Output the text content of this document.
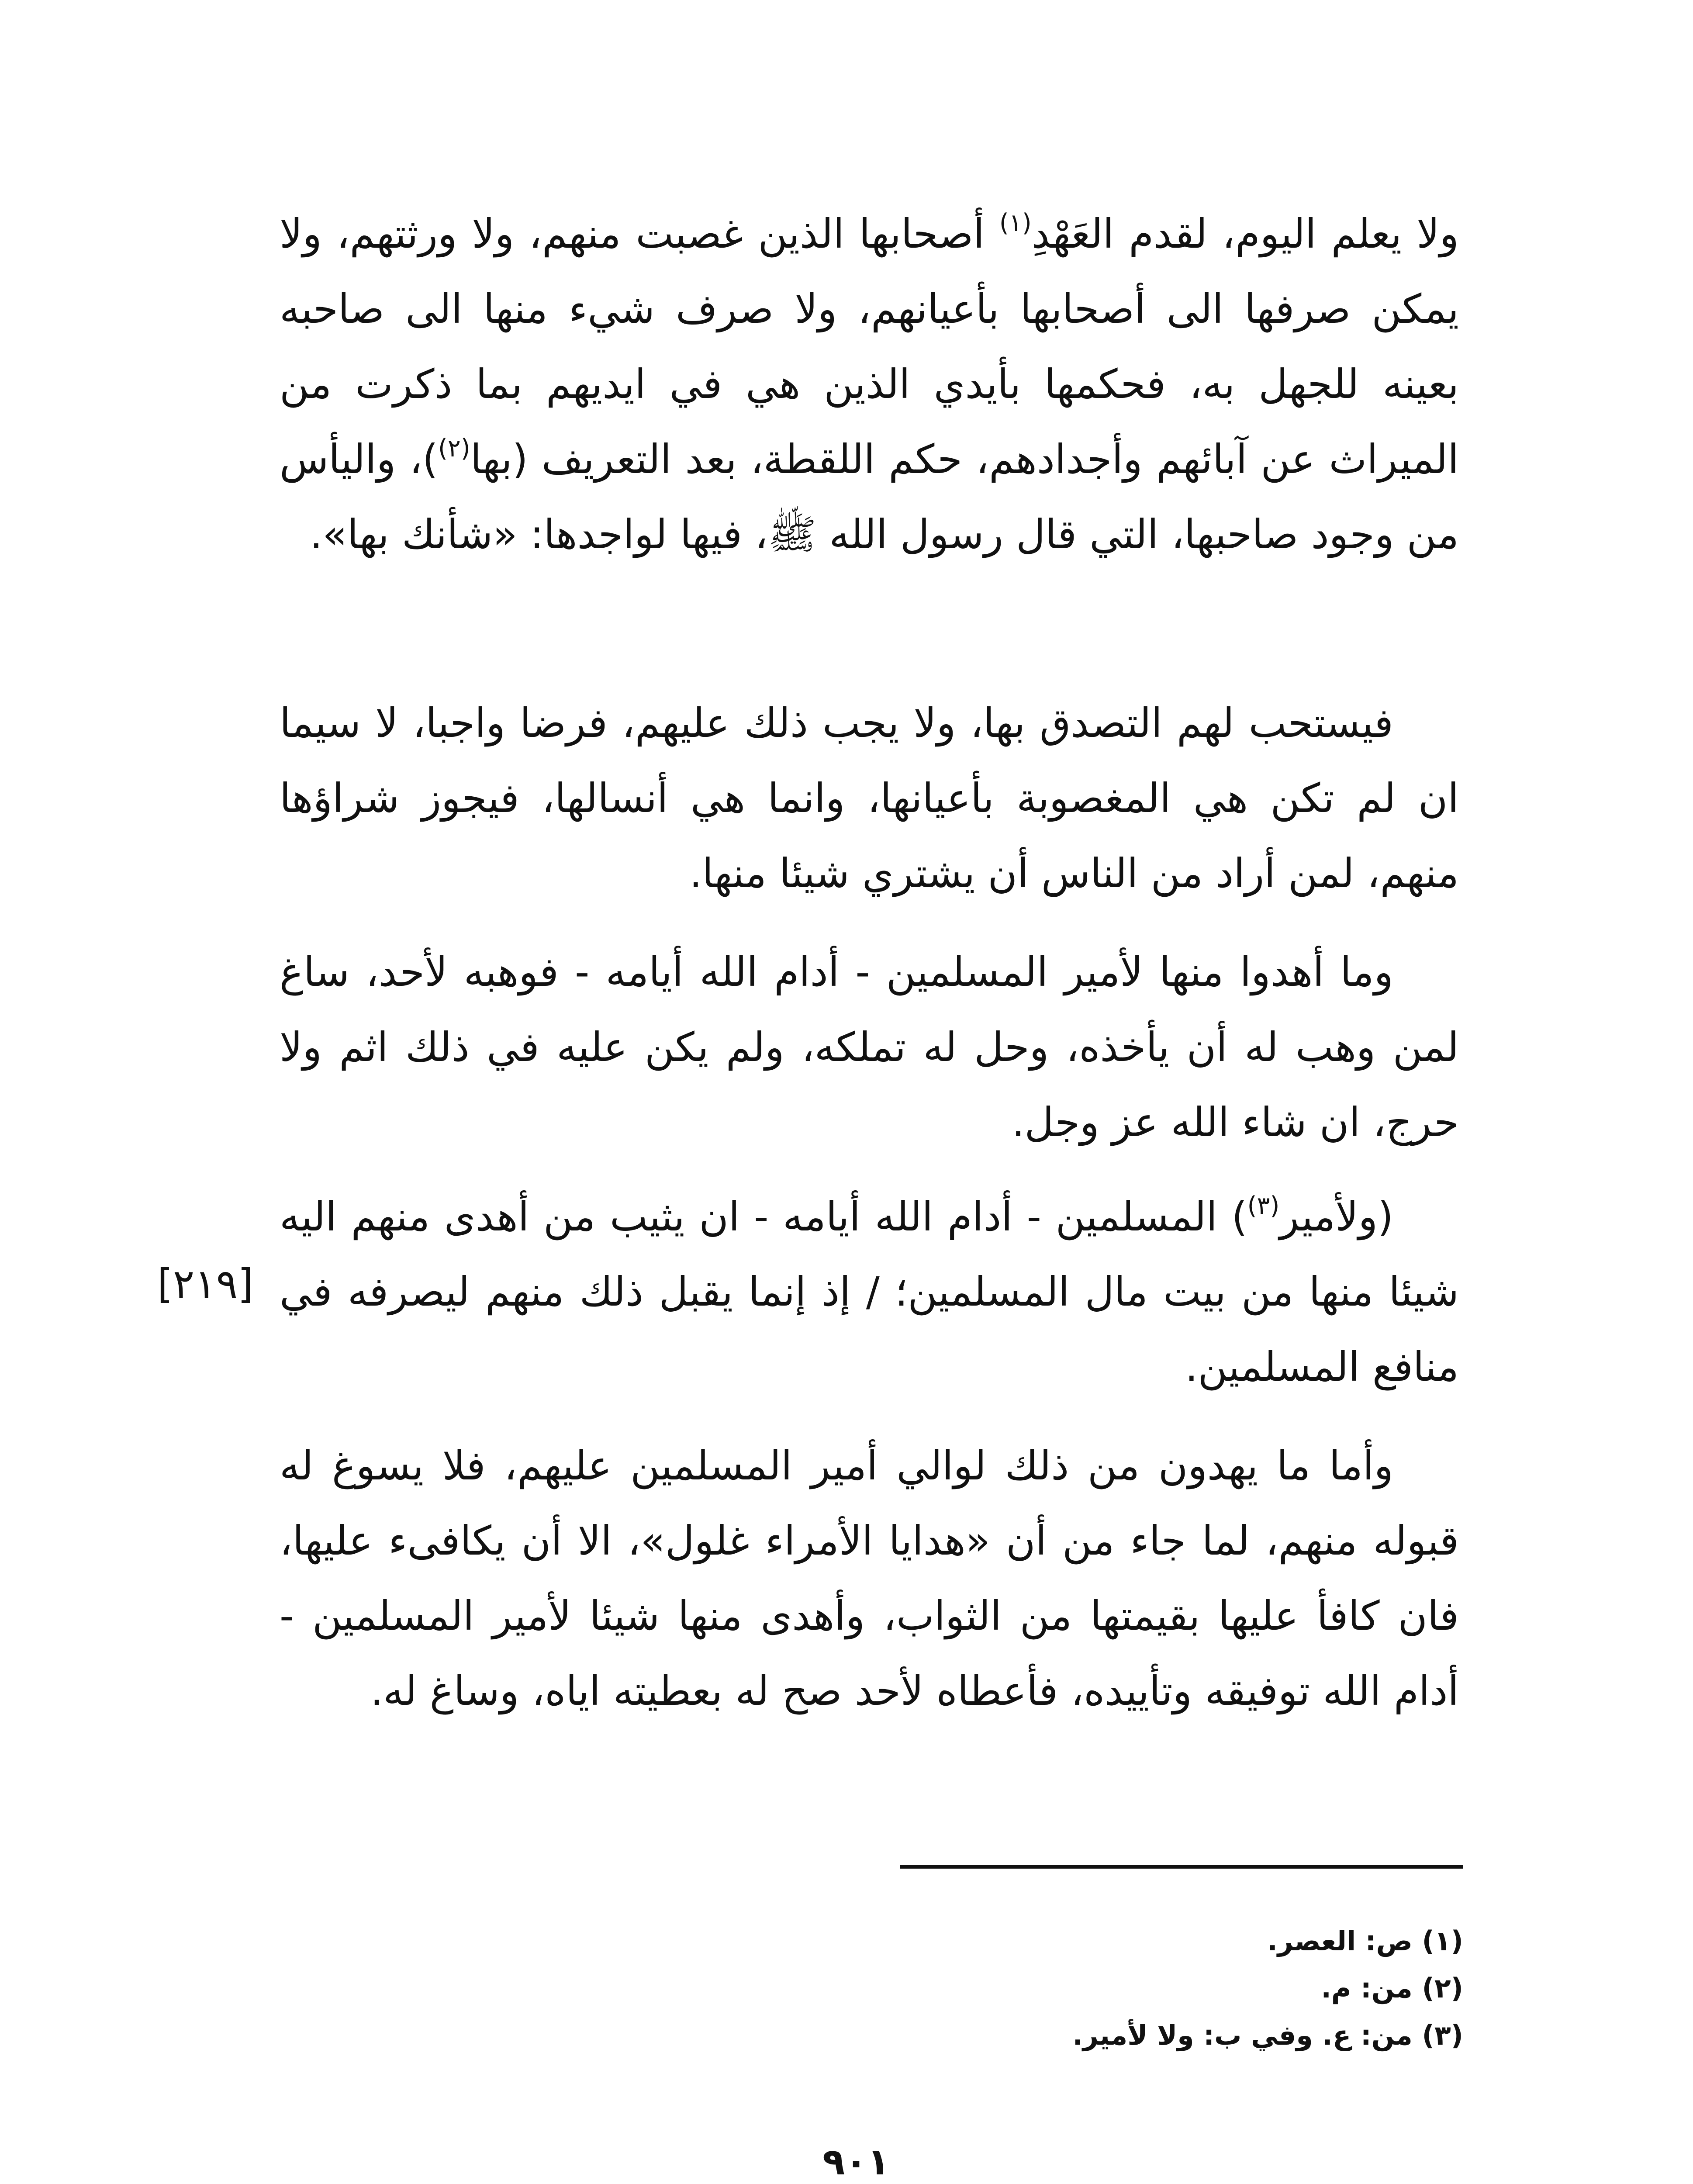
ولا يعلم اليوم، لقدم العَهْدِ$^{(١)}$ أصحابها الذين غصبت منهم، ولا ورثتهم، ولا يمكن صرفها الى أصحابها بأعيانهم، ولا صرف شيء منها الى صاحبه بعينه للجهل به، فحكمها بأيدي الذين هي في ايديهم بما ذكرت من الميراث عن آبائهم وأجدادهم، حكم اللقطة، بعد التعريف (بها$^{(٢)}$)، واليأس من وجود صاحبها، التي قال رسول الله ﷺ، فيها لواجدها: «شأنك بها».

فيستحب لهم التصدق بها، ولا يجب ذلك عليهم، فرضا واجبا، لا سيما ان لم تكن هي المغصوبة بأعيانها، وانما هي أنسالها، فيجوز شراؤها منهم، لمن أراد من الناس أن يشتري شيئا منها.

وما أهدوا منها لأمير المسلمين - أدام الله أيامه - فوهبه لأحد، ساغ لمن وهب له أن يأخذه، وحل له تملكه، ولم يكن عليه في ذلك اثم ولا حرج، ان شاء الله عز وجل.

(ولأمير$^{(٣)}$) المسلمين - أدام الله أيامه - ان يثيب من أهدى منهم اليه شيئا منها من بيت مال المسلمين؛ / إذ إنما يقبل ذلك منهم ليصرفه في منافع المسلمين.

[٢١٩]

وأما ما يهدون من ذلك لوالي أمير المسلمين عليهم، فلا يسوغ له قبوله منهم، لما جاء من أن «هدايا الأمراء غلول»، الا أن يكافىء عليها، فان كافأ عليها بقيمتها من الثواب، وأهدى منها شيئا لأمير المسلمين - أدام الله توفيقه وتأييده، فأعطاه لأحد صح له بعطيته اياه، وساغ له.

(١) ص: العصر.
(٢) من: م.
(٣) من: ع. وفي ب: ولا لأمير.
٩٠١
